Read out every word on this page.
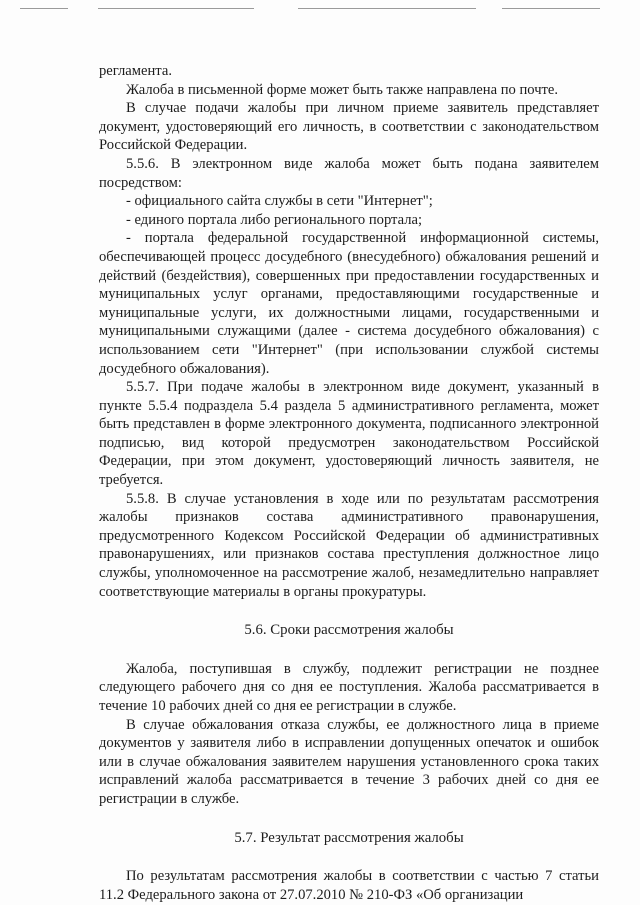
регламента.

Жалоба в письменной форме может быть также направлена по почте.

В случае подачи жалобы при личном приеме заявитель представляет документ, удостоверяющий его личность, в соответствии с законодательством Российской Федерации.

5.5.6. В электронном виде жалоба может быть подана заявителем посредством:

- официального сайта службы в сети "Интернет";

- единого портала либо регионального портала;

- портала федеральной государственной информационной системы, обеспечивающей процесс досудебного (внесудебного) обжалования решений и действий (бездействия), совершенных при предоставлении государственных и муниципальных услуг органами, предоставляющими государственные и муниципальные услуги, их должностными лицами, государственными и муниципальными служащими (далее - система досудебного обжалования) с использованием сети "Интернет" (при использовании службой системы досудебного обжалования).

5.5.7. При подаче жалобы в электронном виде документ, указанный в пункте 5.5.4 подраздела 5.4 раздела 5 административного регламента, может быть представлен в форме электронного документа, подписанного электронной подписью, вид которой предусмотрен законодательством Российской Федерации, при этом документ, удостоверяющий личность заявителя, не требуется.

5.5.8. В случае установления в ходе или по результатам рассмотрения жалобы признаков состава административного правонарушения, предусмотренного Кодексом Российской Федерации об административных правонарушениях, или признаков состава преступления должностное лицо службы, уполномоченное на рассмотрение жалоб, незамедлительно направляет соответствующие материалы в органы прокуратуры.

5.6. Сроки рассмотрения жалобы

Жалоба, поступившая в службу, подлежит регистрации не позднее следующего рабочего дня со дня ее поступления. Жалоба рассматривается в течение 10 рабочих дней со дня ее регистрации в службе.

В случае обжалования отказа службы, ее должностного лица в приеме документов у заявителя либо в исправлении допущенных опечаток и ошибок или в случае обжалования заявителем нарушения установленного срока таких исправлений жалоба рассматривается в течение 3 рабочих дней со дня ее регистрации в службе.

5.7. Результат рассмотрения жалобы

По результатам рассмотрения жалобы в соответствии с частью 7 статьи 11.2 Федерального закона от 27.07.2010 № 210-ФЗ «Об организации
